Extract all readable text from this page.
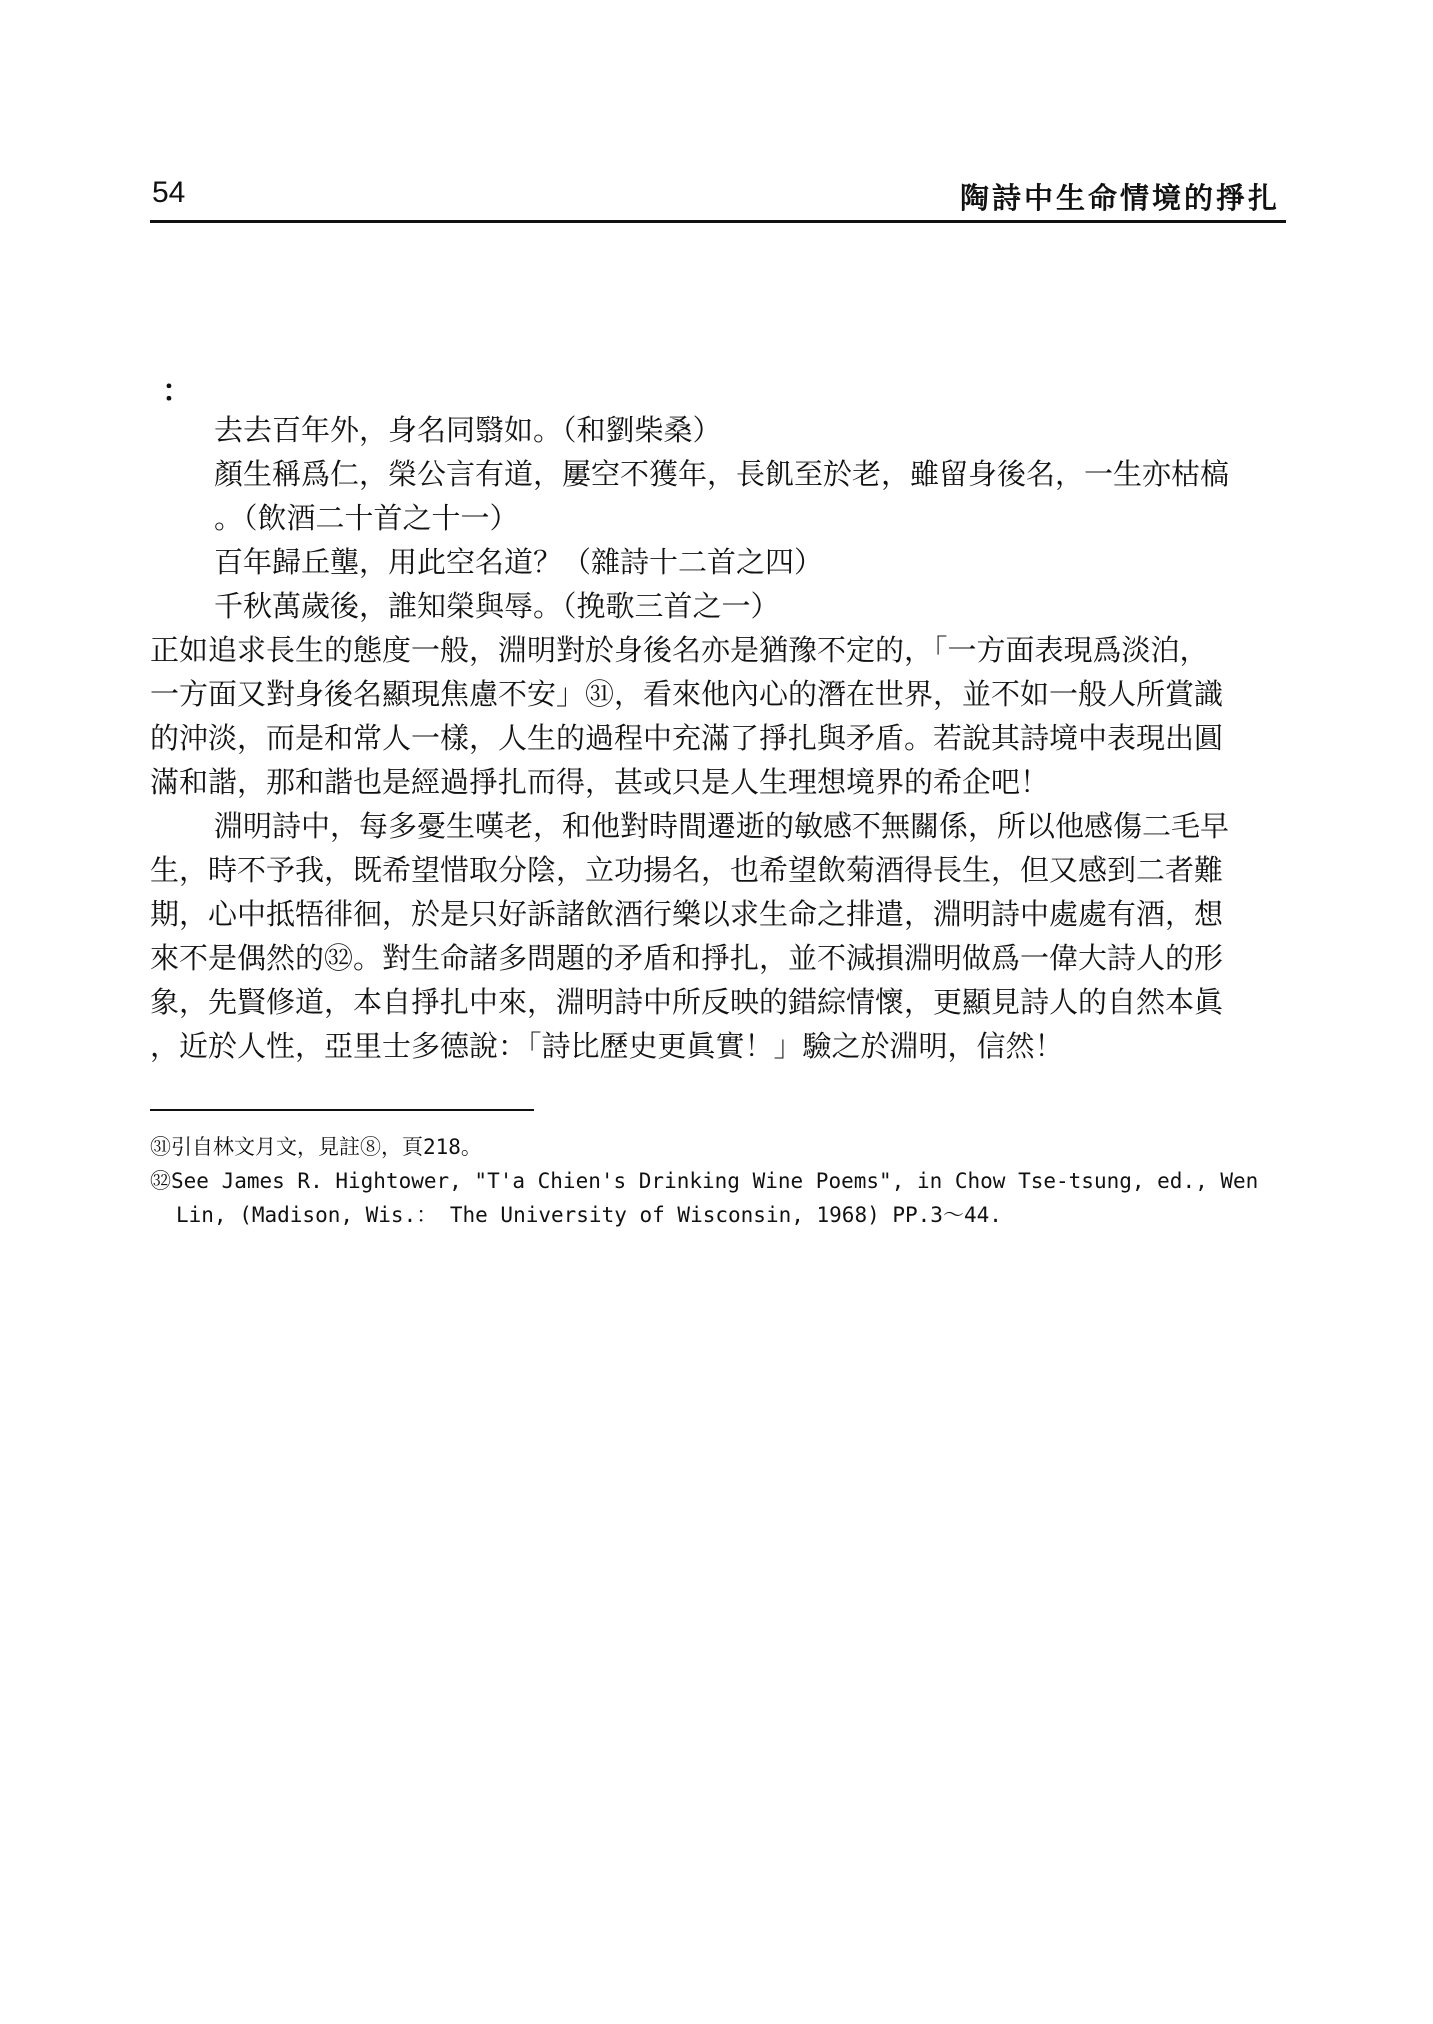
54	陶詩中生命情境的掙扎
：
去去百年外，身名同翳如。（和劉柴桑）
顏生稱爲仁，榮公言有道，屢空不獲年，長飢至於老，雖留身後名，一生亦枯槁
。（飲酒二十首之十一）
百年歸丘壟，用此空名道？（雜詩十二首之四）
千秋萬歲後，誰知榮與辱。（挽歌三首之一）
正如追求長生的態度一般，淵明對於身後名亦是猶豫不定的，「一方面表現爲淡泊，
一方面又對身後名顯現焦慮不安」㉛，看來他內心的潛在世界，並不如一般人所賞識
的沖淡，而是和常人一樣，人生的過程中充滿了掙扎與矛盾。若說其詩境中表現出圓
滿和諧，那和諧也是經過掙扎而得，甚或只是人生理想境界的希企吧！
淵明詩中，每多憂生嘆老，和他對時間遷逝的敏感不無關係，所以他感傷二毛早
生，時不予我，既希望惜取分陰，立功揚名，也希望飲菊酒得長生，但又感到二者難
期，心中抵牾徘徊，於是只好訴諸飲酒行樂以求生命之排遣，淵明詩中處處有酒，想
來不是偶然的㉜。對生命諸多問題的矛盾和掙扎，並不減損淵明做爲一偉大詩人的形
象，先賢修道，本自掙扎中來，淵明詩中所反映的錯綜情懷，更顯見詩人的自然本眞
，近於人性，亞里士多德說：「詩比歷史更眞實！」驗之於淵明，信然！
㉛引自林文月文，見註⑧，頁218。
㉜See James R. Hightower, "T'a Chien's Drinking Wine Poems", in Chow Tse-tsung, ed., Wen
Lin, (Madison, Wis.： The University of Wisconsin, 1968) PP.3～44.
